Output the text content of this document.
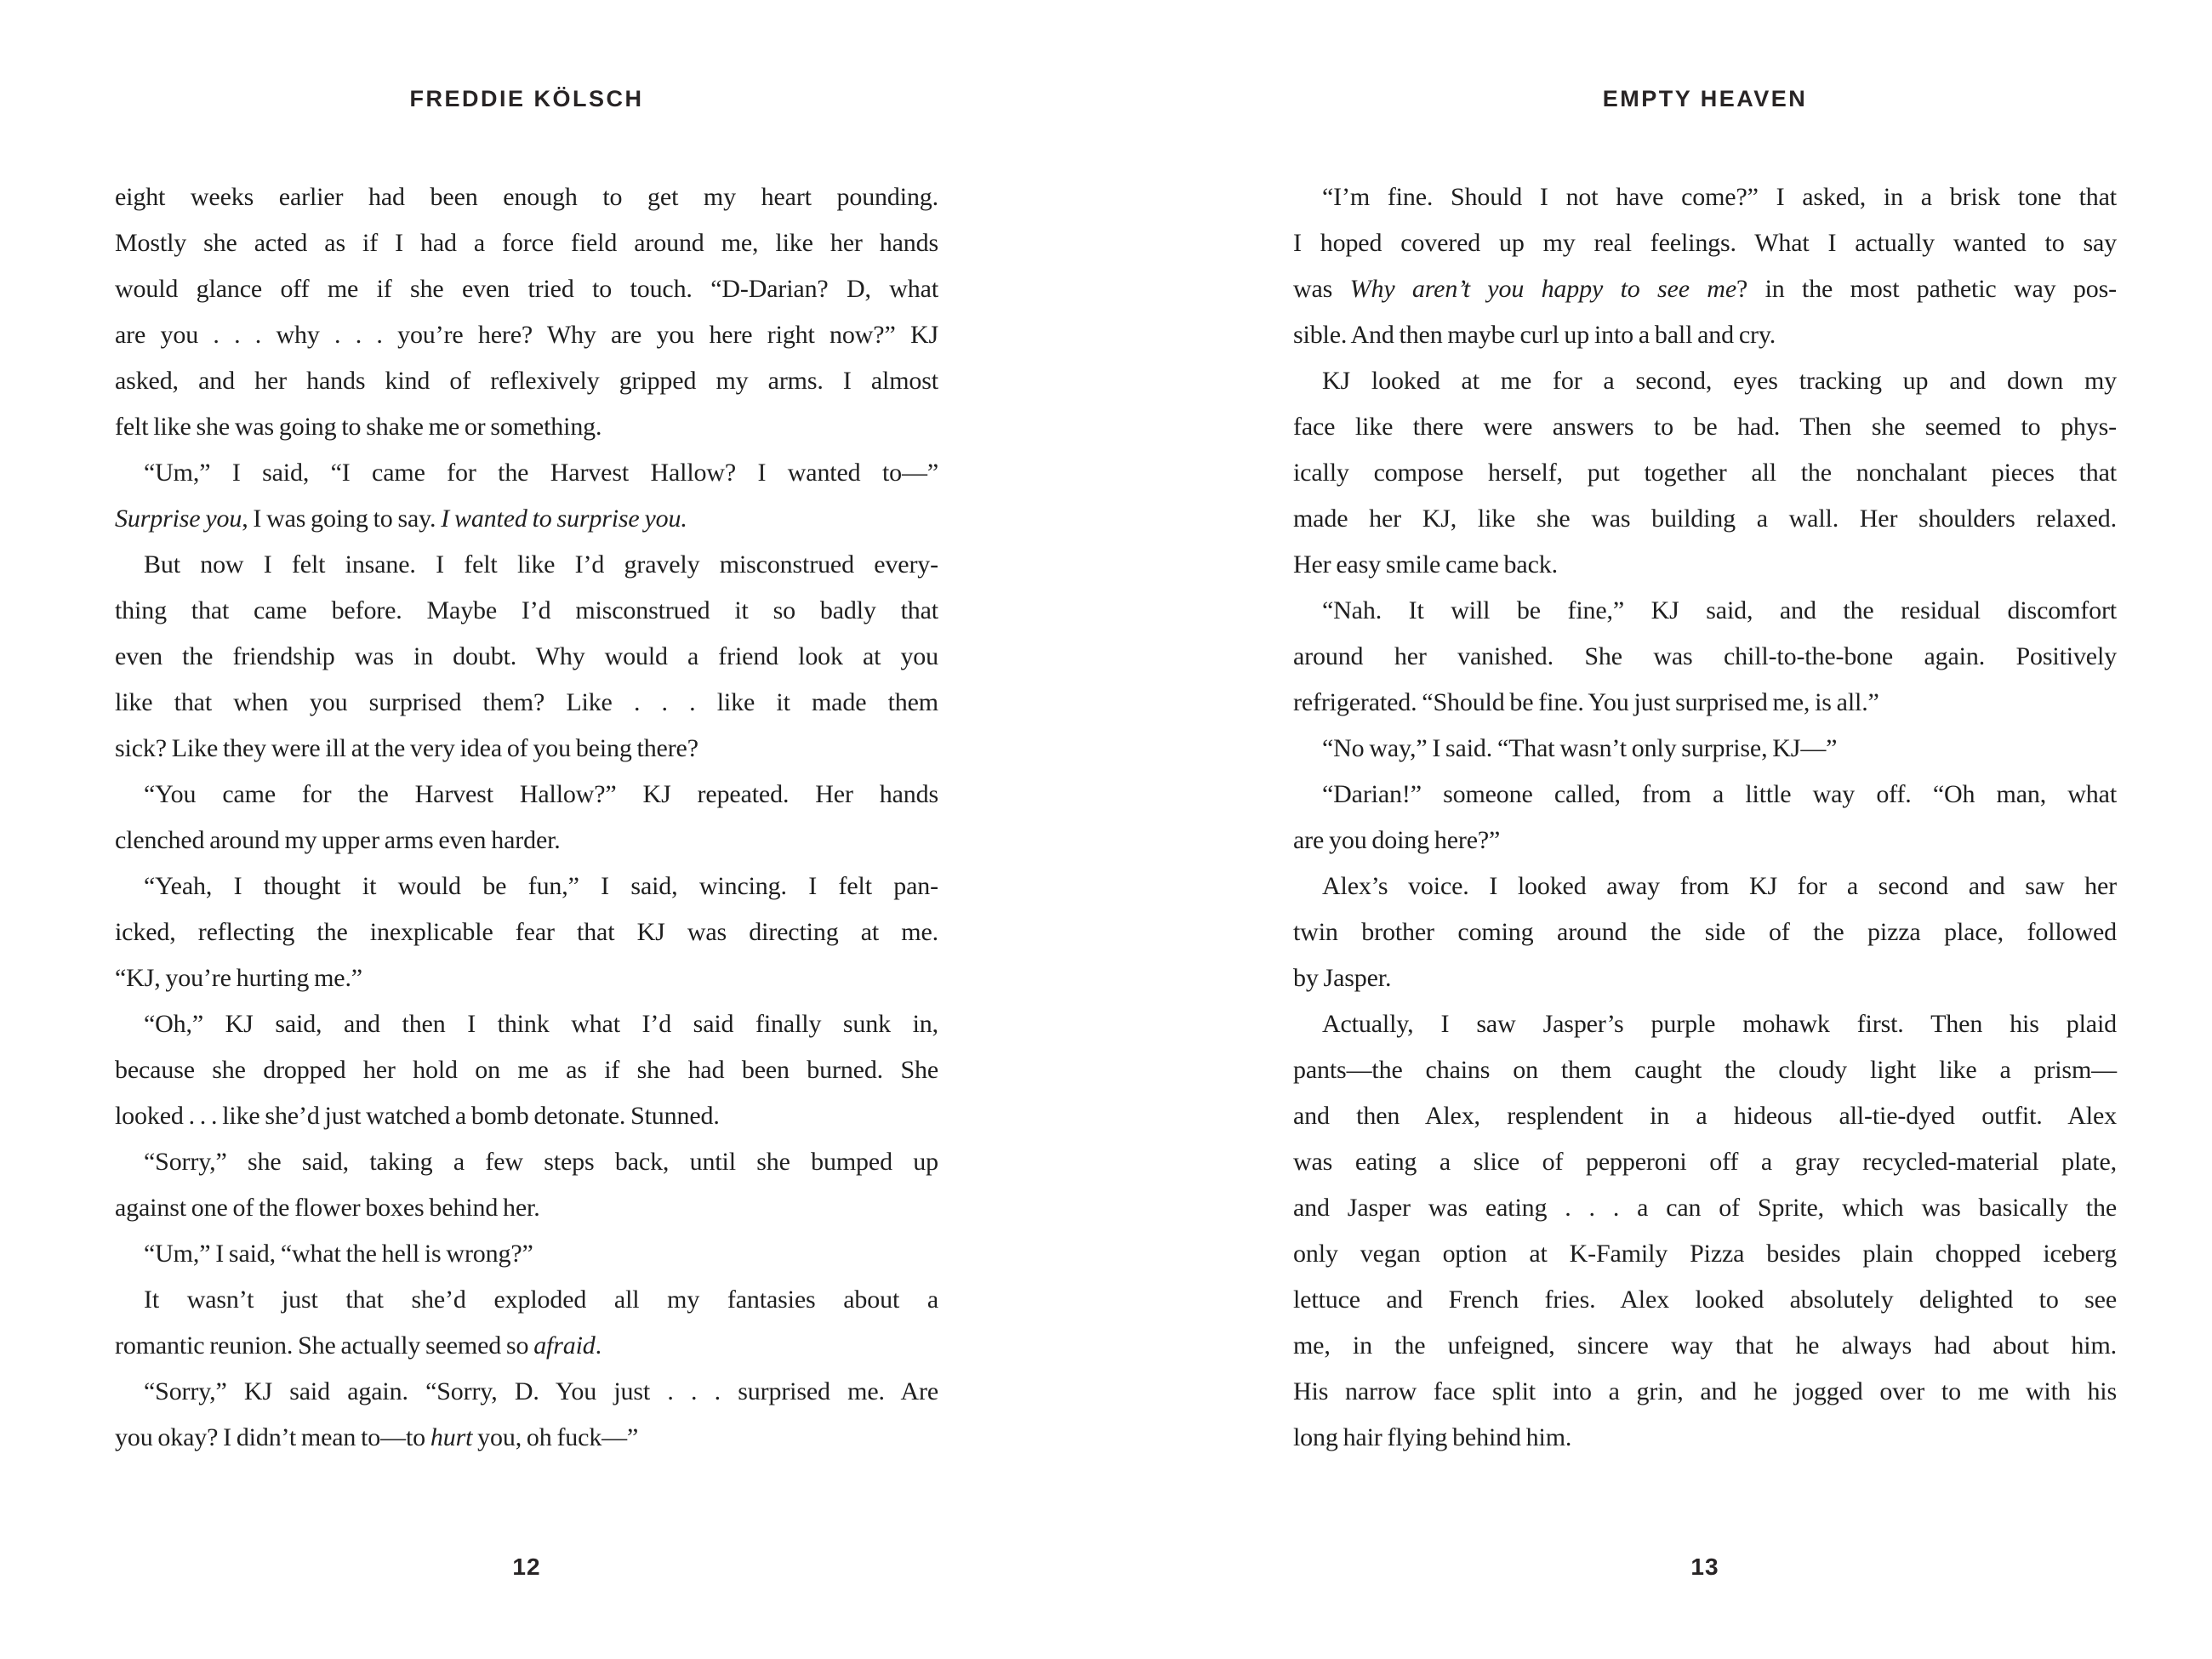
FREDDIE KÖLSCH
eight weeks earlier had been enough to get my heart pounding.
Mostly she acted as if I had a force field around me, like her hands
would glance off me if she even tried to touch. “D-Darian? D, what
are you . . . why . . . you’re here? Why are you here right now?” KJ
asked, and her hands kind of reflexively gripped my arms. I almost
felt like she was going to shake me or something.
“Um,” I said, “I came for the Harvest Hallow? I wanted to—”
Surprise you, I was going to say. I wanted to surprise you.
But now I felt insane. I felt like I’d gravely misconstrued every-
thing that came before. Maybe I’d misconstrued it so badly that
even the friendship was in doubt. Why would a friend look at you
like that when you surprised them? Like . . . like it made them
sick? Like they were ill at the very idea of you being there?
“You came for the Harvest Hallow?” KJ repeated. Her hands
clenched around my upper arms even harder.
“Yeah, I thought it would be fun,” I said, wincing. I felt pan-
icked, reflecting the inexplicable fear that KJ was directing at me.
“KJ, you’re hurting me.”
“Oh,” KJ said, and then I think what I’d said finally sunk in,
because she dropped her hold on me as if she had been burned. She
looked . . . like she’d just watched a bomb detonate. Stunned.
“Sorry,” she said, taking a few steps back, until she bumped up
against one of the flower boxes behind her.
“Um,” I said, “what the hell is wrong?”
It wasn’t just that she’d exploded all my fantasies about a
romantic reunion. She actually seemed so afraid.
“Sorry,” KJ said again. “Sorry, D. You just . . . surprised me. Are
you okay? I didn’t mean to—to hurt you, oh fuck—”
12
EMPTY HEAVEN
“I’m fine. Should I not have come?” I asked, in a brisk tone that
I hoped covered up my real feelings. What I actually wanted to say
was Why aren’t you happy to see me? in the most pathetic way pos-
sible. And then maybe curl up into a ball and cry.
KJ looked at me for a second, eyes tracking up and down my
face like there were answers to be had. Then she seemed to phys-
ically compose herself, put together all the nonchalant pieces that
made her KJ, like she was building a wall. Her shoulders relaxed.
Her easy smile came back.
“Nah. It will be fine,” KJ said, and the residual discomfort
around her vanished. She was chill-to-the-bone again. Positively
refrigerated. “Should be fine. You just surprised me, is all.”
“No way,” I said. “That wasn’t only surprise, KJ—”
“Darian!” someone called, from a little way off. “Oh man, what
are you doing here?”
Alex’s voice. I looked away from KJ for a second and saw her
twin brother coming around the side of the pizza place, followed
by Jasper.
Actually, I saw Jasper’s purple mohawk first. Then his plaid
pants—the chains on them caught the cloudy light like a prism—
and then Alex, resplendent in a hideous all-tie-dyed outfit. Alex
was eating a slice of pepperoni off a gray recycled-material plate,
and Jasper was eating . . . a can of Sprite, which was basically the
only vegan option at K-Family Pizza besides plain chopped iceberg
lettuce and French fries. Alex looked absolutely delighted to see
me, in the unfeigned, sincere way that he always had about him.
His narrow face split into a grin, and he jogged over to me with his
long hair flying behind him.
13
